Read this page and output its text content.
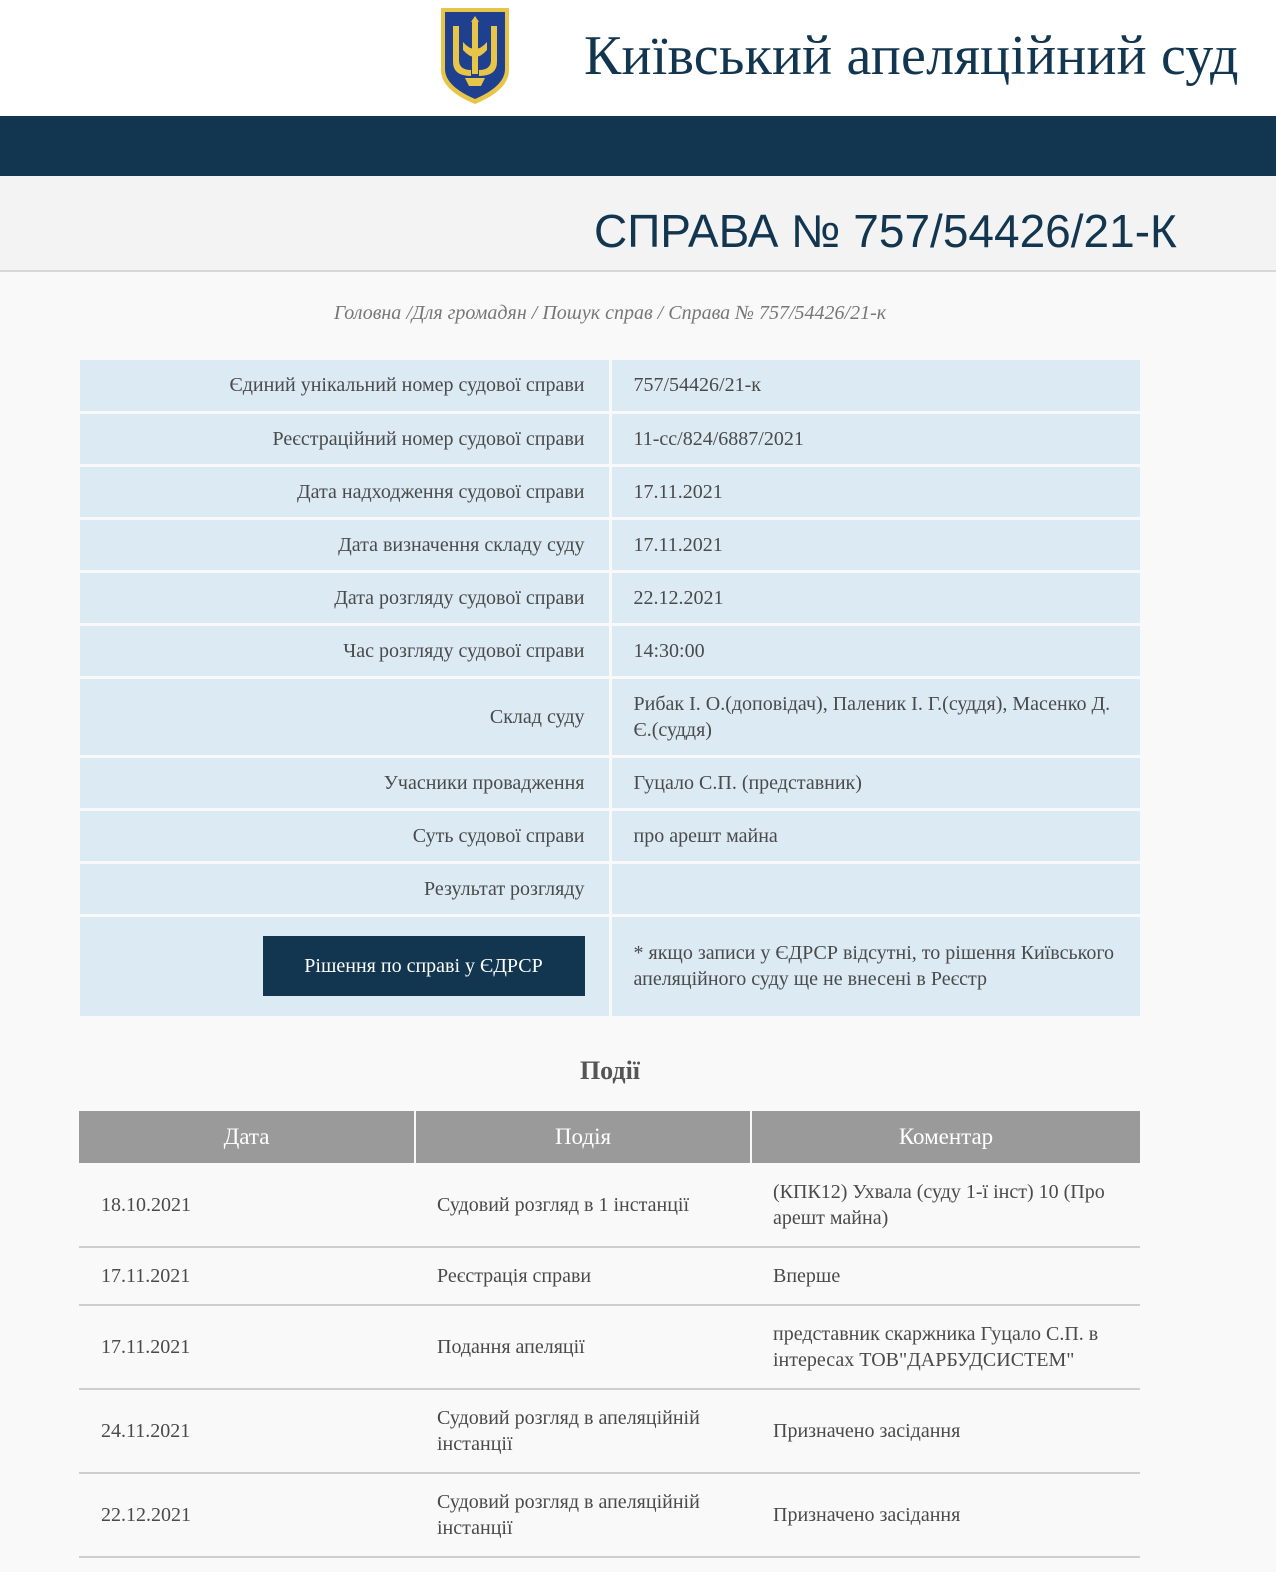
Київський апеляційний суд
СПРАВА № 757/54426/21-К
Головна /Для громадян / Пошук справ / Справа № 757/54426/21-к
Єдиний унікальний номер судової справи	757/54426/21-к
Реєстраційний номер судової справи	11-сс/824/6887/2021
Дата надходження судової справи	17.11.2021
Дата визначення складу суду	17.11.2021
Дата розгляду судової справи	22.12.2021
Час розгляду судової справи	14:30:00
Склад суду	Рибак І. О.(доповідач), Паленик І. Г.(суддя), Масенко Д. Є.(суддя)
Учасники провадження	Гуцало С.П. (представник)
Суть судової справи	про арешт майна
Результат розгляду	
Рішення по справі у ЄДРСР	* якщо записи у ЄДРСР відсутні, то рішення Київського апеляційного суду ще не внесені в Реєстр
Події
Дата	Подія	Коментар
18.10.2021	Судовий розгляд в 1 інстанції	(КПК12) Ухвала (суду 1-ї інст) 10 (Про арешт майна)
17.11.2021	Реєстрація справи	Вперше
17.11.2021	Подання апеляції	представник скаржника Гуцало С.П. в інтересах ТОВ"ДАРБУДСИСТЕМ"
24.11.2021	Судовий розгляд в апеляційній інстанції	Призначено засідання
22.12.2021	Судовий розгляд в апеляційній інстанції	Призначено засідання
